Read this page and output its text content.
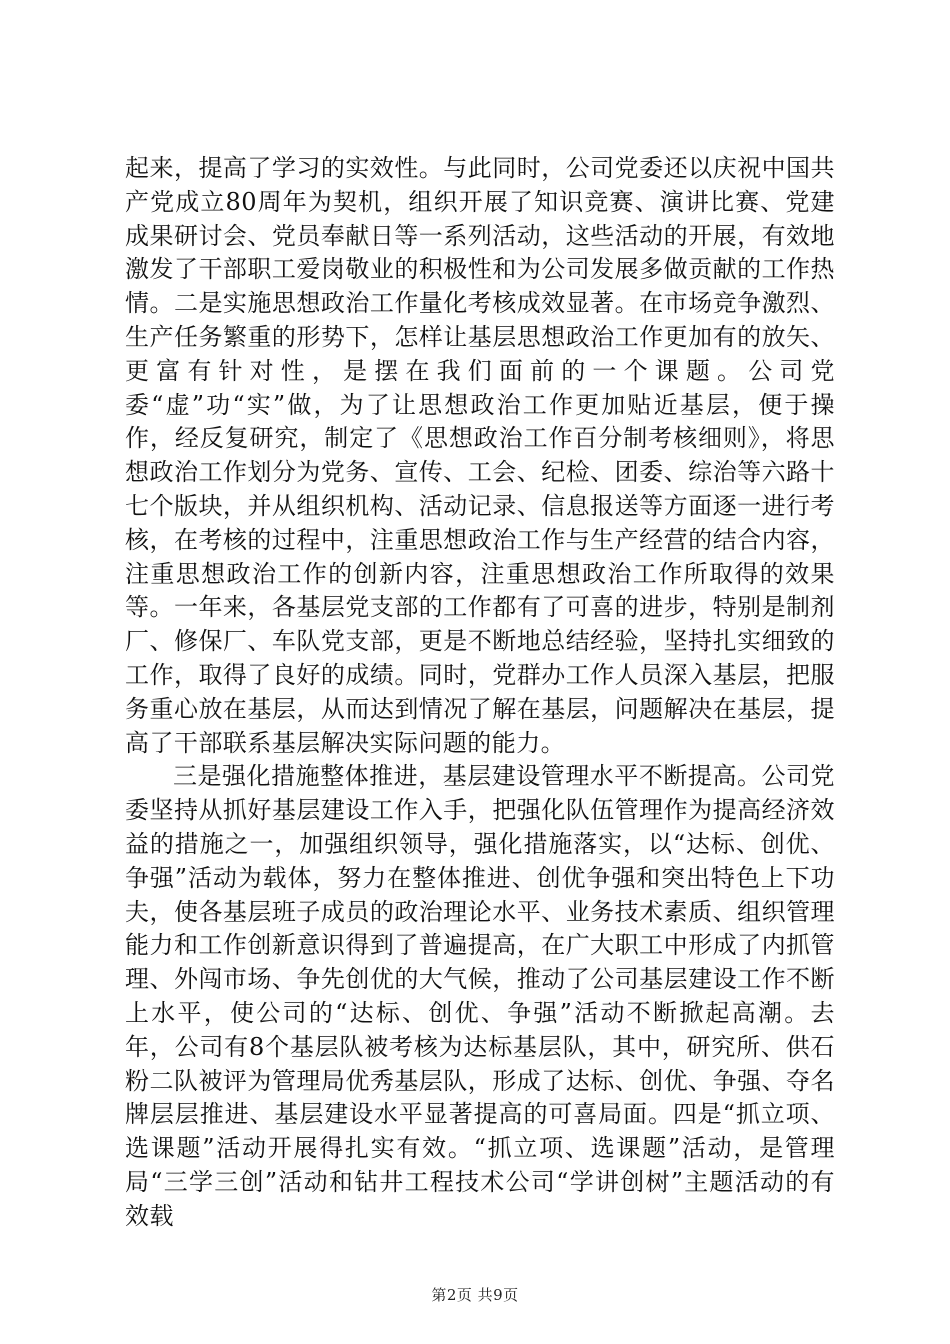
起来，提高了学习的实效性。与此同时，公司党委还以庆祝中国共产党成立80周年为契机，组织开展了知识竞赛、演讲比赛、党建成果研讨会、党员奉献日等一系列活动，这些活动的开展，有效地激发了干部职工爱岗敬业的积极性和为公司发展多做贡献的工作热情。二是实施思想政治工作量化考核成效显著。在市场竞争激烈、生产任务繁重的形势下，怎样让基层思想政治工作更加有的放矢、更富有针对性，是摆在我们面前的一个课题。公司党委“虚”功“实”做，为了让思想政治工作更加贴近基层，便于操作，经反复研究，制定了《思想政治工作百分制考核细则》，将思想政治工作划分为党务、宣传、工会、纪检、团委、综治等六路十七个版块，并从组织机构、活动记录、信息报送等方面逐一进行考核，在考核的过程中，注重思想政治工作与生产经营的结合内容，注重思想政治工作的创新内容，注重思想政治工作所取得的效果等。一年来，各基层党支部的工作都有了可喜的进步，特别是制剂厂、修保厂、车队党支部，更是不断地总结经验，坚持扎实细致的工作，取得了良好的成绩。同时，党群办工作人员深入基层，把服务重心放在基层，从而达到情况了解在基层，问题解决在基层，提高了干部联系基层解决实际问题的能力。

三是强化措施整体推进，基层建设管理水平不断提高。公司党委坚持从抓好基层建设工作入手，把强化队伍管理作为提高经济效益的措施之一，加强组织领导，强化措施落实，以“达标、创优、争强”活动为载体，努力在整体推进、创优争强和突出特色上下功夫，使各基层班子成员的政治理论水平、业务技术素质、组织管理能力和工作创新意识得到了普遍提高，在广大职工中形成了内抓管理、外闯市场、争先创优的大气候，推动了公司基层建设工作不断上水平，使公司的“达标、创优、争强”活动不断掀起高潮。去年，公司有8个基层队被考核为达标基层队，其中，研究所、供石粉二队被评为管理局优秀基层队，形成了达标、创优、争强、夺名牌层层推进、基层建设水平显著提高的可喜局面。四是“抓立项、选课题”活动开展得扎实有效。“抓立项、选课题”活动，是管理局“三学三创”活动和钻井工程技术公司“学讲创树”主题活动的有效载

第2页 共9页
